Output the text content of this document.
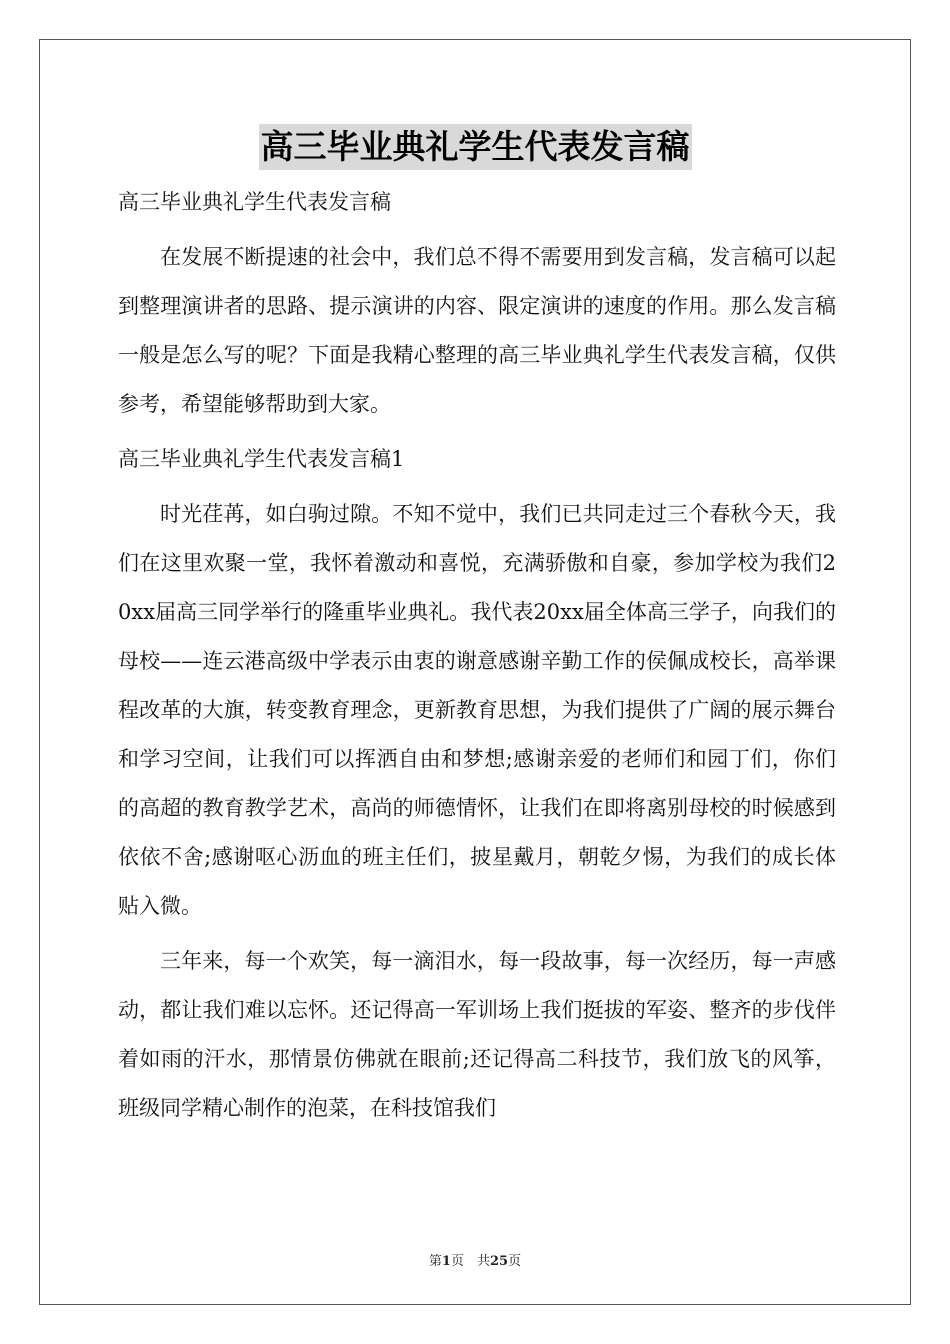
高三毕业典礼学生代表发言稿

高三毕业典礼学生代表发言稿

在发展不断提速的社会中，我们总不得不需要用到发言稿，发言稿可以起到整理演讲者的思路、提示演讲的内容、限定演讲的速度的作用。那么发言稿一般是怎么写的呢？下面是我精心整理的高三毕业典礼学生代表发言稿，仅供参考，希望能够帮助到大家。

高三毕业典礼学生代表发言稿1

时光荏苒，如白驹过隙。不知不觉中，我们已共同走过三个春秋今天，我们在这里欢聚一堂，我怀着激动和喜悦，充满骄傲和自豪，参加学校为我们20xx届高三同学举行的隆重毕业典礼。我代表20xx届全体高三学子，向我们的母校——连云港高级中学表示由衷的谢意感谢辛勤工作的侯佩成校长，高举课程改革的大旗，转变教育理念，更新教育思想，为我们提供了广阔的展示舞台和学习空间，让我们可以挥洒自由和梦想;感谢亲爱的老师们和园丁们，你们的高超的教育教学艺术，高尚的师德情怀，让我们在即将离别母校的时候感到依依不舍;感谢呕心沥血的班主任们，披星戴月，朝乾夕惕，为我们的成长体贴入微。

三年来，每一个欢笑，每一滴泪水，每一段故事，每一次经历，每一声感动，都让我们难以忘怀。还记得高一军训场上我们挺拔的军姿、整齐的步伐伴着如雨的汗水，那情景仿佛就在眼前;还记得高二科技节，我们放飞的风筝，班级同学精心制作的泡菜，在科技馆我们

第1页　共25页
